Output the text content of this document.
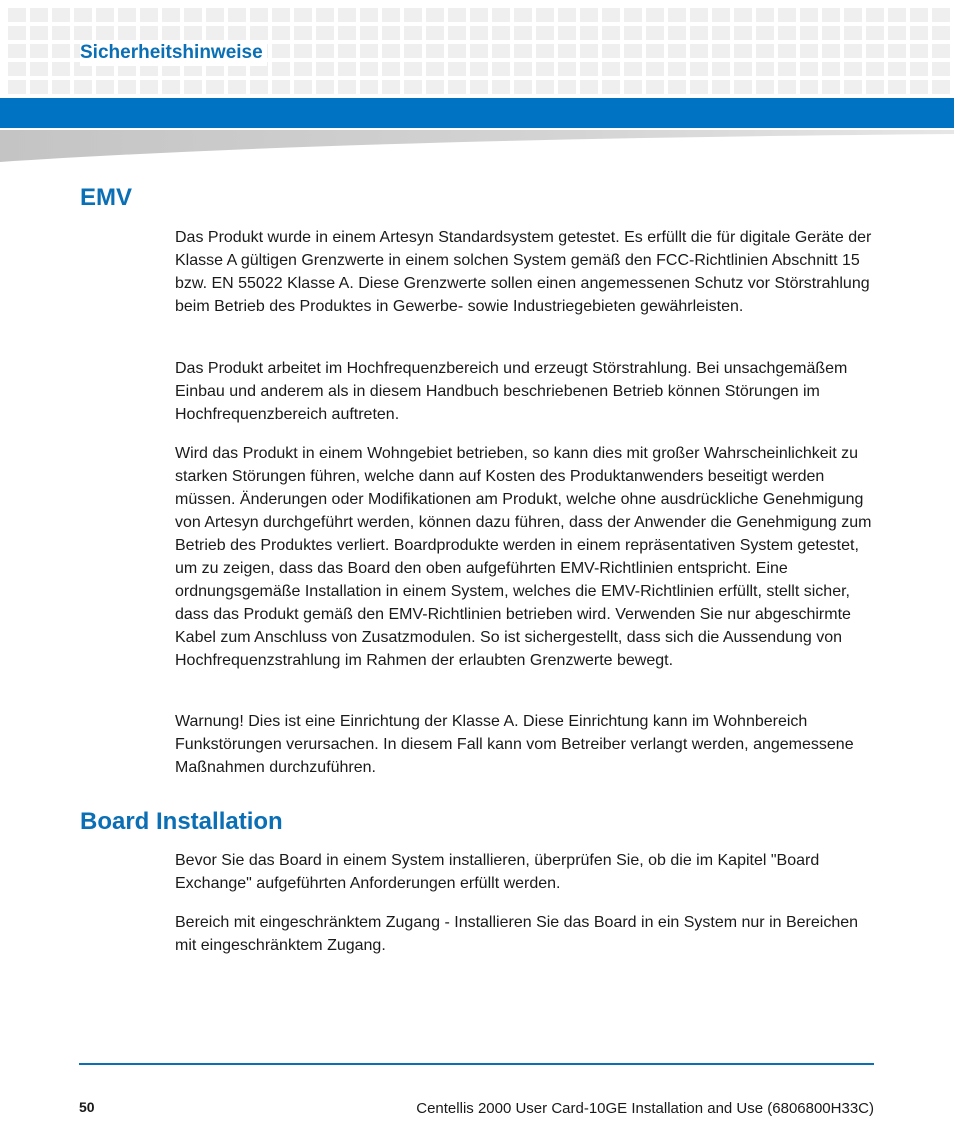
Sicherheitshinweise
EMV

Das Produkt wurde in einem Artesyn Standardsystem getestet. Es erfüllt die für digitale Geräte der Klasse A gültigen Grenzwerte in einem solchen System gemäß den FCC-Richtlinien Abschnitt 15 bzw. EN 55022 Klasse A. Diese Grenzwerte sollen einen angemessenen Schutz vor Störstrahlung beim Betrieb des Produktes in Gewerbe- sowie Industriegebieten gewährleisten.

Das Produkt arbeitet im Hochfrequenzbereich und erzeugt Störstrahlung. Bei unsachgemäßem Einbau und anderem als in diesem Handbuch beschriebenen Betrieb können Störungen im Hochfrequenzbereich auftreten.

Wird das Produkt in einem Wohngebiet betrieben, so kann dies mit großer Wahrscheinlichkeit zu starken Störungen führen, welche dann auf Kosten des Produktanwenders beseitigt werden müssen. Änderungen oder Modifikationen am Produkt, welche ohne ausdrückliche Genehmigung von Artesyn durchgeführt werden, können dazu führen, dass der Anwender die Genehmigung zum Betrieb des Produktes verliert. Boardprodukte werden in einem repräsentativen System getestet, um zu zeigen, dass das Board den oben aufgeführten EMV-Richtlinien entspricht. Eine ordnungsgemäße Installation in einem System, welches die EMV-Richtlinien erfüllt, stellt sicher, dass das Produkt gemäß den EMV-Richtlinien betrieben wird. Verwenden Sie nur abgeschirmte Kabel zum Anschluss von Zusatzmodulen. So ist sichergestellt, dass sich die Aussendung von Hochfrequenzstrahlung im Rahmen der erlaubten Grenzwerte bewegt.

Warnung! Dies ist eine Einrichtung der Klasse A. Diese Einrichtung kann im Wohnbereich Funkstörungen verursachen. In diesem Fall kann vom Betreiber verlangt werden, angemessene Maßnahmen durchzuführen.

Board Installation

Bevor Sie das Board in einem System installieren, überprüfen Sie, ob die im Kapitel "Board Exchange" aufgeführten Anforderungen erfüllt werden.

Bereich mit eingeschränktem Zugang - Installieren Sie das Board in ein System nur in Bereichen mit eingeschränktem Zugang.

50	Centellis 2000 User Card-10GE Installation and Use (6806800H33C)
